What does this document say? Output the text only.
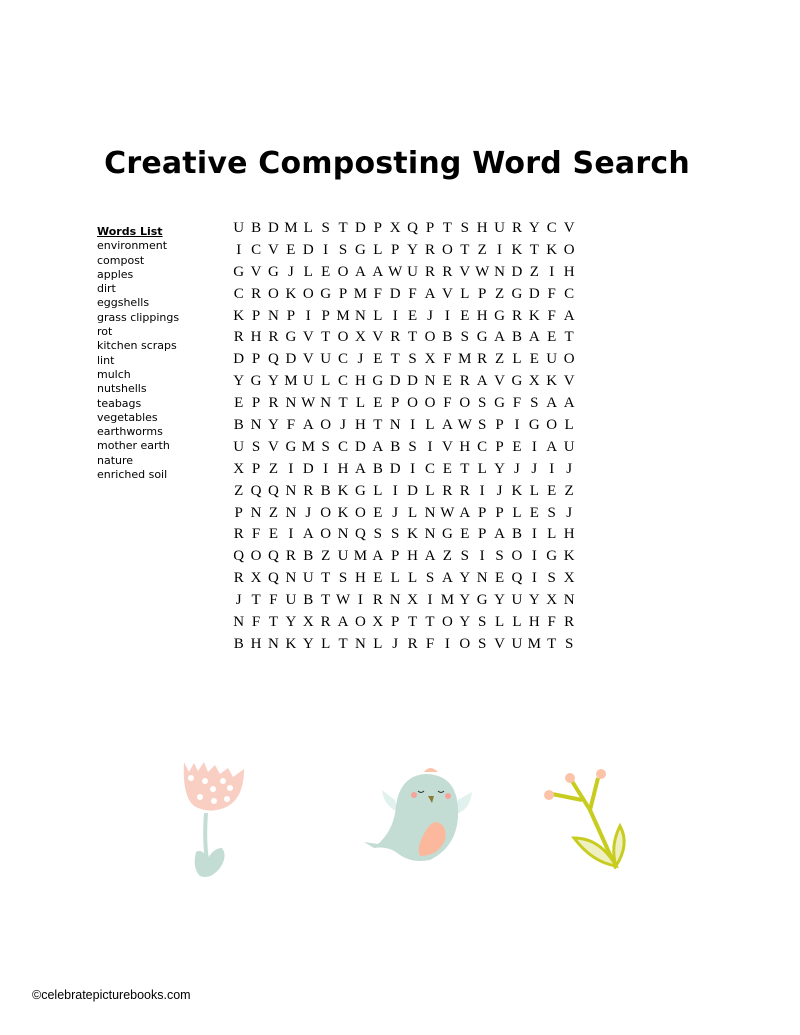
Creative Composting Word Search
Words List
environment
compost
apples
dirt
eggshells
grass clippings
rot
kitchen scraps
lint
mulch
nutshells
teabags
vegetables
earthworms
mother earth
nature
enriched soil
U B D M L S T D P X Q P T S H U R Y C V
I C V E D I S G L P Y R O T Z I K T K O
G V G J L E O A A W U R R V W N D Z I H
C R O K O G P M F D F A V L P Z G D F C
K P N P I P M N L I E J I E H G R K F A
R H R G V T O X V R T O B S G A B A E T
D P Q D V U C J E T S X F M R Z L E U O
Y G Y M U L C H G D D N E R A V G X K V
E P R N W N T L E P O O F O S G F S A A
B N Y F A O J H T N I L A W S P I G O L
U S V G M S C D A B S I V H C P E I A U
X P Z I D I H A B D I C E T L Y J J I J
Z Q Q N R B K G L I D L R R I J K L E Z
P N Z N J O K O E J L N W A P P L E S J
R F E I A O N Q S S K N G E P A B I L H
Q O Q R B Z U M A P H A Z S I S O I G K
R X Q N U T S H E L L S A Y N E Q I S X
J T F U B T W I R N X I M Y G Y U Y X N
N F T Y X R A O X P T T O Y S L L H F R
B H N K Y L T N L J R F I O S V U M T S
©celebratepicturebooks.com
